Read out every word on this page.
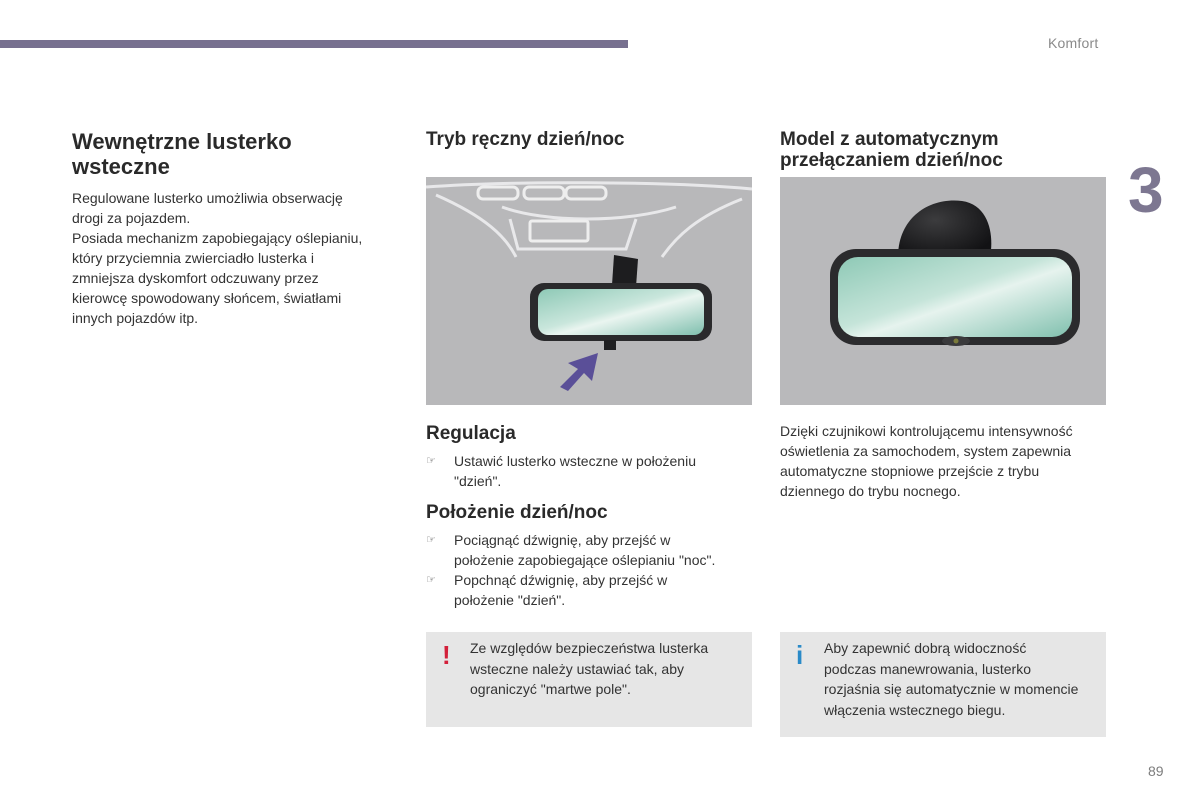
Komfort
3
89
Wewnętrzne lusterko
wsteczne
Regulowane lusterko umożliwia obserwację
drogi za pojazdem.
Posiada mechanizm zapobiegający oślepianiu,
który przyciemnia zwierciadło lusterka i
zmniejsza dyskomfort odczuwany przez
kierowcę spowodowany słońcem, światłami
innych pojazdów itp.
Tryb ręczny dzień/noc
Regulacja
☞ Ustawić lusterko wsteczne w położeniu
"dzień".
Położenie dzień/noc
☞ Pociągnąć dźwignię, aby przejść w
położenie zapobiegające oślepianiu "noc".
☞ Popchnąć dźwignię, aby przejść w
położenie "dzień".
! Ze względów bezpieczeństwa lusterka
wsteczne należy ustawiać tak, aby
ograniczyć "martwe pole".
Model z automatycznym
przełączaniem dzień/noc
Dzięki czujnikowi kontrolującemu intensywność
oświetlenia za samochodem, system zapewnia
automatyczne stopniowe przejście z trybu
dziennego do trybu nocnego.
i Aby zapewnić dobrą widoczność
podczas manewrowania, lusterko
rozjaśnia się automatycznie w momencie
włączenia wstecznego biegu.
